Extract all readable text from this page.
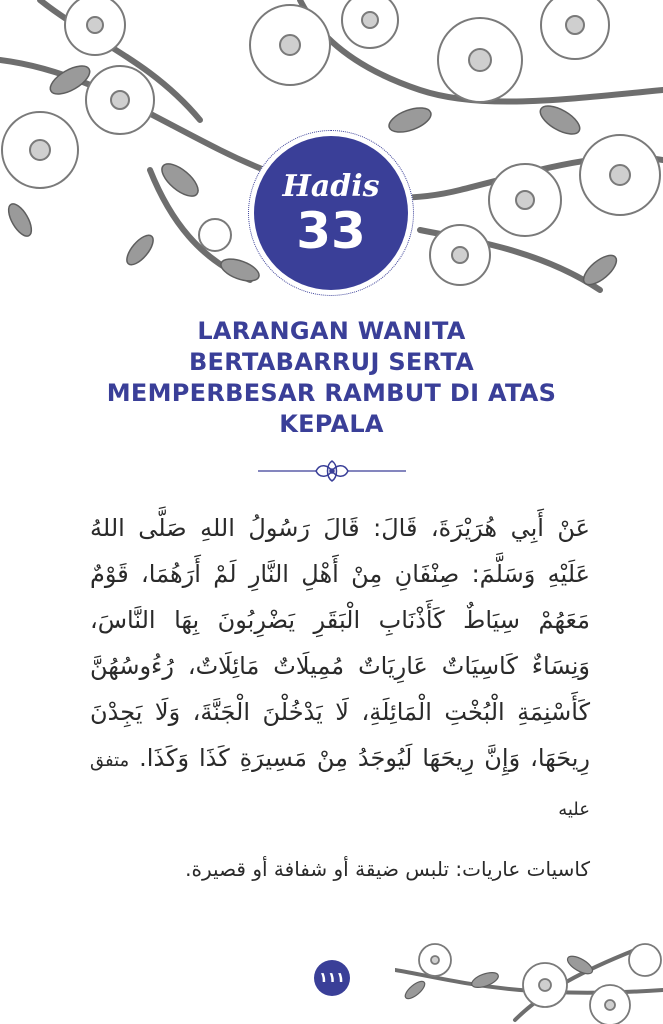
Hadis
33
LARANGAN WANITA
BERTABARRUJ SERTA
MEMPERBESAR RAMBUT DI ATAS
KEPALA
عَنْ أَبِي هُرَيْرَةَ، قَالَ: قَالَ رَسُولُ اللهِ صَلَّى اللهُ عَلَيْهِ وَسَلَّمَ: صِنْفَانِ مِنْ أَهْلِ النَّارِ لَمْ أَرَهُمَا، قَوْمٌ مَعَهُمْ سِيَاطٌ كَأَذْنَابِ الْبَقَرِ يَضْرِبُونَ بِهَا النَّاسَ، وَنِسَاءٌ كَاسِيَاتٌ عَارِيَاتٌ مُمِيلَاتٌ مَائِلَاتٌ، رُءُوسُهُنَّ كَأَسْنِمَةِ الْبُخْتِ الْمَائِلَةِ، لَا يَدْخُلْنَ الْجَنَّةَ، وَلَا يَجِدْنَ رِيحَهَا، وَإِنَّ رِيحَهَا لَيُوجَدُ مِنْ مَسِيرَةِ كَذَا وَكَذَا. متفق عليه
كاسيات عاريات: تلبس ضيقة أو شفافة أو قصيرة.
١١١
